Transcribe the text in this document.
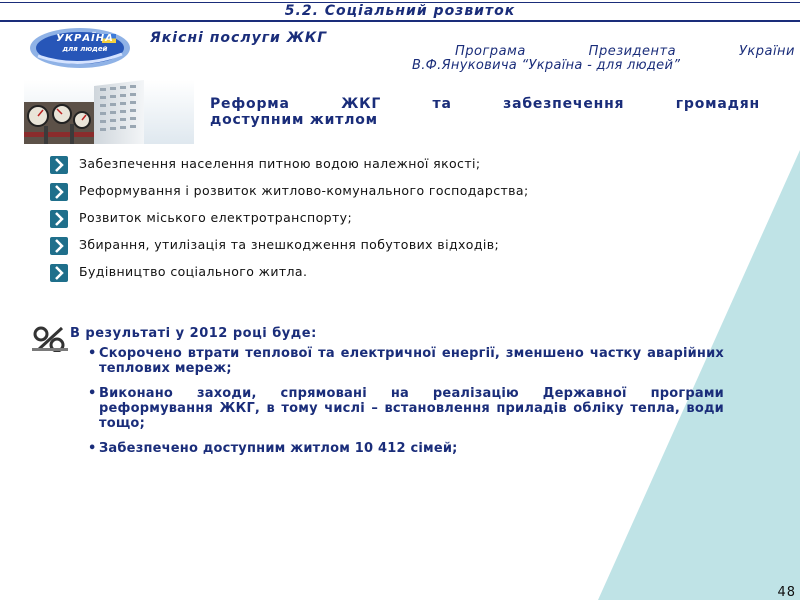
5.2. Соціальний розвиток
УКРАЇНА
для людей
Якісні послуги ЖКГ
Програма Президента України
В.Ф.Януковича “Україна - для людей”
Реформа ЖКГ та забезпечення громадян
доступним житлом
Забезпечення населення питною водою належної якості;
Реформування і розвиток житлово-комунального господарства;
Розвиток міського електротранспорту;
Збирання, утилізація та знешкодження побутових відходів;
Будівництво соціального житла.
В результаті у 2012 році буде:
• Скорочено втрати теплової та електричної енергії, зменшено частку аварійних теплових мереж;
• Виконано заходи, спрямовані на реалізацію Державної програми реформування ЖКГ, в тому числі – встановлення приладів обліку тепла, води тощо;
• Забезпечено доступним житлом 10 412 сімей;
48
